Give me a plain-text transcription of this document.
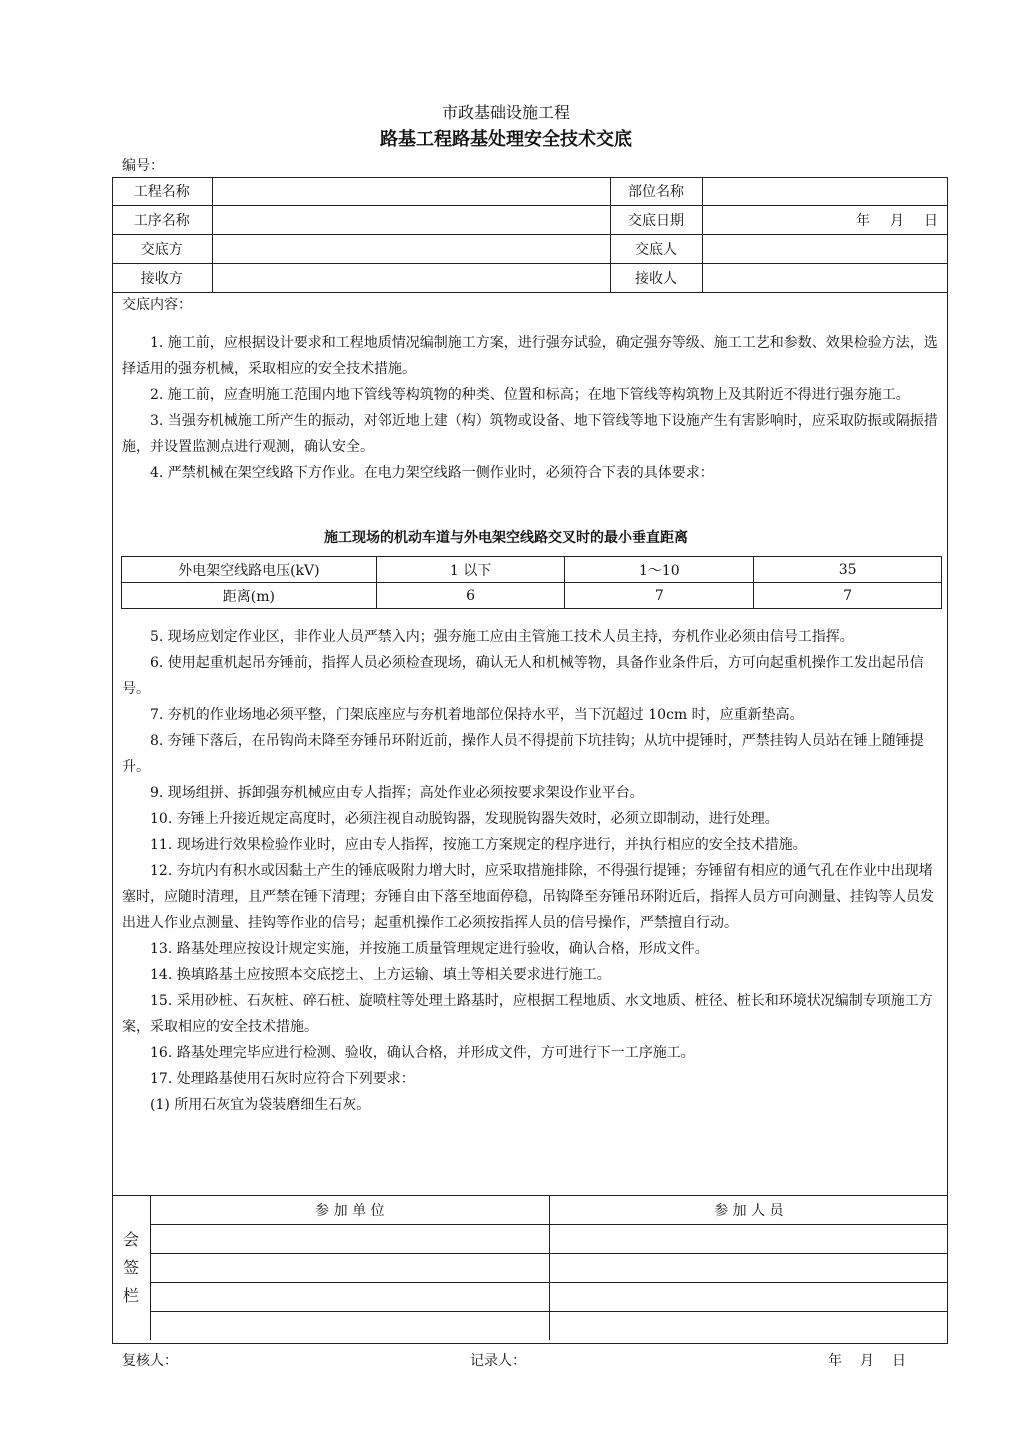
市政基础设施工程
路基工程路基处理安全技术交底
编号：
工程名称		部位名称	
工序名称		交底日期	年 月 日
交底方		交底人	
接收方		接收人	
交底内容：

1. 施工前，应根据设计要求和工程地质情况编制施工方案，进行强夯试验，确定强夯等级、施工工艺和参数、效果检验方法，选择适用的强夯机械，采取相应的安全技术措施。

2. 施工前，应查明施工范围内地下管线等构筑物的种类、位置和标高；在地下管线等构筑物上及其附近不得进行强夯施工。

3. 当强夯机械施工所产生的振动，对邻近地上建（构）筑物或设备、地下管线等地下设施产生有害影响时，应采取防振或隔振措施，并设置监测点进行观测，确认安全。

4. 严禁机械在架空线路下方作业。在电力架空线路一侧作业时，必须符合下表的具体要求：

施工现场的机动车道与外电架空线路交叉时的最小垂直距离
外电架空线路电压(kV)	1 以下	1～10	35
距离(m)	6	7	7

5. 现场应划定作业区，非作业人员严禁入内；强夯施工应由主管施工技术人员主持，夯机作业必须由信号工指挥。

6. 使用起重机起吊夯锤前，指挥人员必须检查现场，确认无人和机械等物，具备作业条件后，方可向起重机操作工发出起吊信号。

7. 夯机的作业场地必须平整，门架底座应与夯机着地部位保持水平，当下沉超过 10cm 时，应重新垫高。

8. 夯锤下落后，在吊钩尚未降至夯锤吊环附近前，操作人员不得提前下坑挂钩；从坑中提锤时，严禁挂钩人员站在锤上随锤提升。

9. 现场组拼、拆卸强夯机械应由专人指挥；高处作业必须按要求架设作业平台。

10. 夯锤上升接近规定高度时，必须注视自动脱钩器，发现脱钩器失效时，必须立即制动，进行处理。

11. 现场进行效果检验作业时，应由专人指挥，按施工方案规定的程序进行，并执行相应的安全技术措施。

12. 夯坑内有积水或因黏土产生的锤底吸附力增大时，应采取措施排除，不得强行提锤；夯锤留有相应的通气孔在作业中出现堵塞时，应随时清理，且严禁在锤下清理；夯锤自由下落至地面停稳，吊钩降至夯锤吊环附近后，指挥人员方可向测量、挂钩等人员发出进人作业点测量、挂钩等作业的信号；起重机操作工必须按指挥人员的信号操作，严禁擅自行动。

13. 路基处理应按设计规定实施，并按施工质量管理规定进行验收，确认合格，形成文件。

14. 换填路基土应按照本交底挖土、上方运输、填土等相关要求进行施工。

15. 采用砂桩、石灰桩、碎石桩、旋喷柱等处理土路基时，应根据工程地质、水文地质、桩径、桩长和环境状况编制专项施工方案，采取相应的安全技术措施。

16. 路基处理完毕应进行检测、验收，确认合格，并形成文件，方可进行下一工序施工。

17. 处理路基使用石灰时应符合下列要求：

(1) 所用石灰宜为袋装磨细生石灰。

会
签
栏	参 加 单 位	参 加 人 员

复核人：	记录人：	年 月 日
